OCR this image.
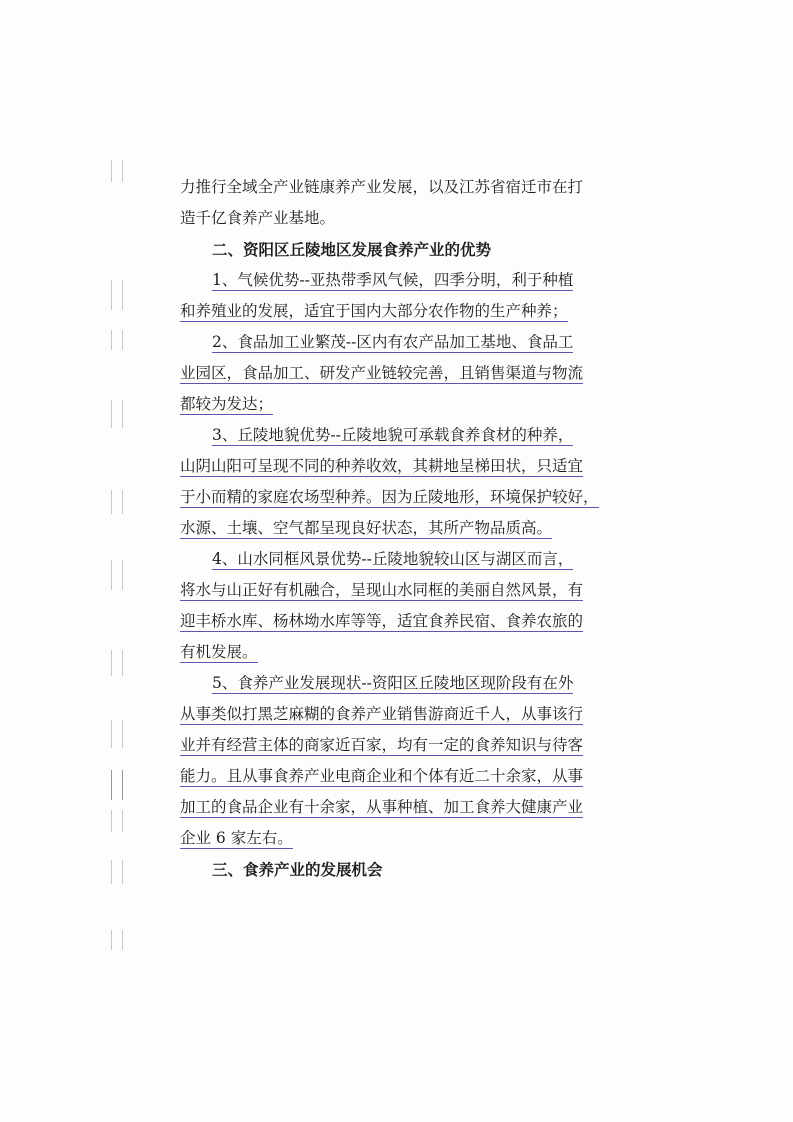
力推行全域全产业链康养产业发展，以及江苏省宿迁市在打
造千亿食养产业基地。
二、资阳区丘陵地区发展食养产业的优势
1、气候优势--亚热带季风气候，四季分明，利于种植
和养殖业的发展，适宜于国内大部分农作物的生产种养；
2、食品加工业繁茂--区内有农产品加工基地、食品工
业园区，食品加工、研发产业链较完善，且销售渠道与物流
都较为发达；
3、丘陵地貌优势--丘陵地貌可承载食养食材的种养，
山阴山阳可呈现不同的种养收效，其耕地呈梯田状，只适宜
于小而精的家庭农场型种养。因为丘陵地形，环境保护较好，
水源、土壤、空气都呈现良好状态，其所产物品质高。
4、山水同框风景优势--丘陵地貌较山区与湖区而言，
将水与山正好有机融合，呈现山水同框的美丽自然风景，有
迎丰桥水库、杨林坳水库等等，适宜食养民宿、食养农旅的
有机发展。
5、食养产业发展现状--资阳区丘陵地区现阶段有在外
从事类似打黑芝麻糊的食养产业销售游商近千人，从事该行
业并有经营主体的商家近百家，均有一定的食养知识与待客
能力。且从事食养产业电商企业和个体有近二十余家，从事
加工的食品企业有十余家，从事种植、加工食养大健康产业
企业 6 家左右。
三、食养产业的发展机会
